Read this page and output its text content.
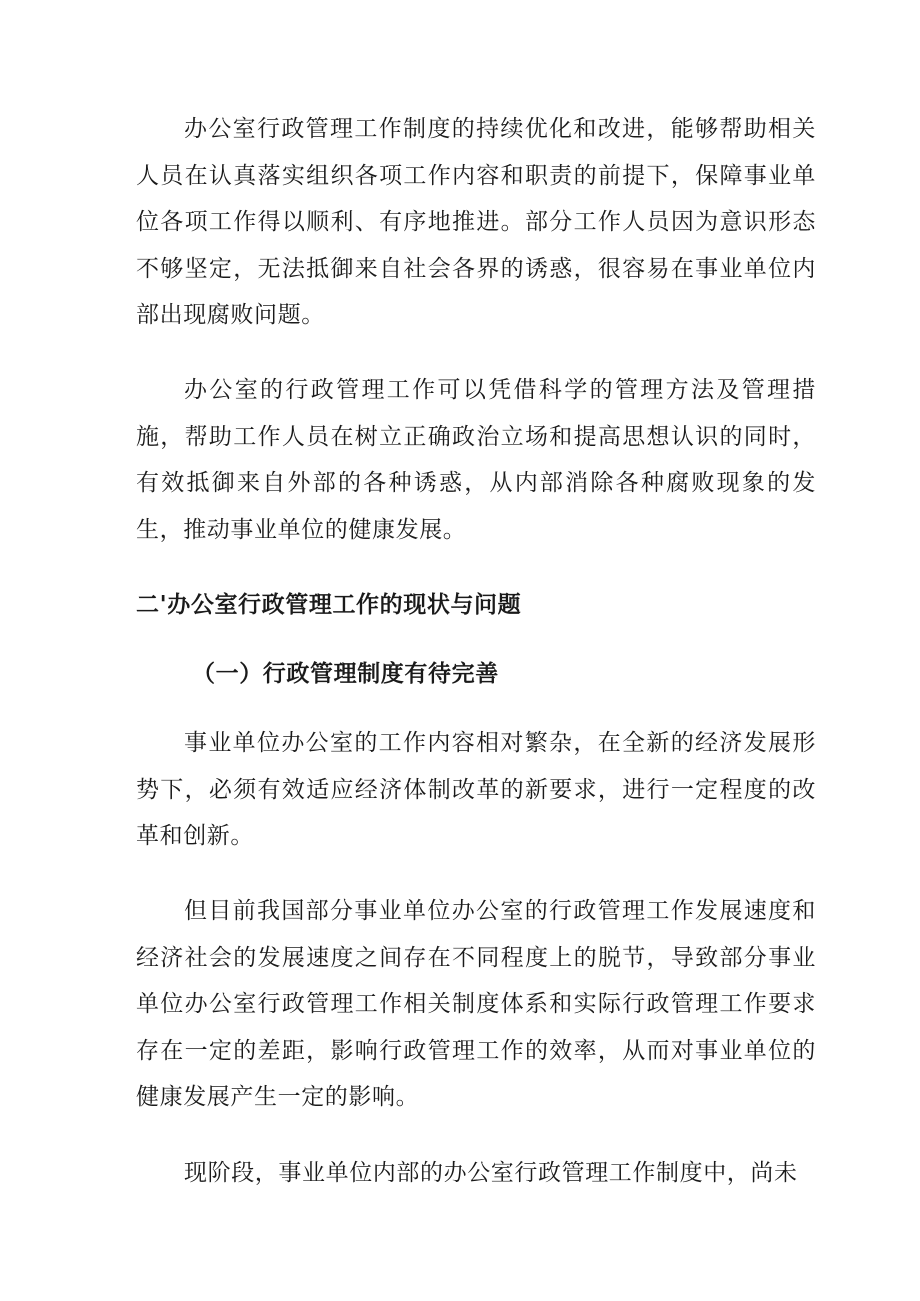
办公室行政管理工作制度的持续优化和改进，能够帮助相关人员在认真落实组织各项工作内容和职责的前提下，保障事业单位各项工作得以顺利、有序地推进。部分工作人员因为意识形态不够坚定，无法抵御来自社会各界的诱惑，很容易在事业单位内部出现腐败问题。

办公室的行政管理工作可以凭借科学的管理方法及管理措施，帮助工作人员在树立正确政治立场和提高思想认识的同时，有效抵御来自外部的各种诱惑，从内部消除各种腐败现象的发生，推动事业单位的健康发展。

二'办公室行政管理工作的现状与问题

（一）行政管理制度有待完善

事业单位办公室的工作内容相对繁杂，在全新的经济发展形势下，必须有效适应经济体制改革的新要求，进行一定程度的改革和创新。

但目前我国部分事业单位办公室的行政管理工作发展速度和经济社会的发展速度之间存在不同程度上的脱节，导致部分事业单位办公室行政管理工作相关制度体系和实际行政管理工作要求存在一定的差距，影响行政管理工作的效率，从而对事业单位的健康发展产生一定的影响。

现阶段，事业单位内部的办公室行政管理工作制度中，尚未
